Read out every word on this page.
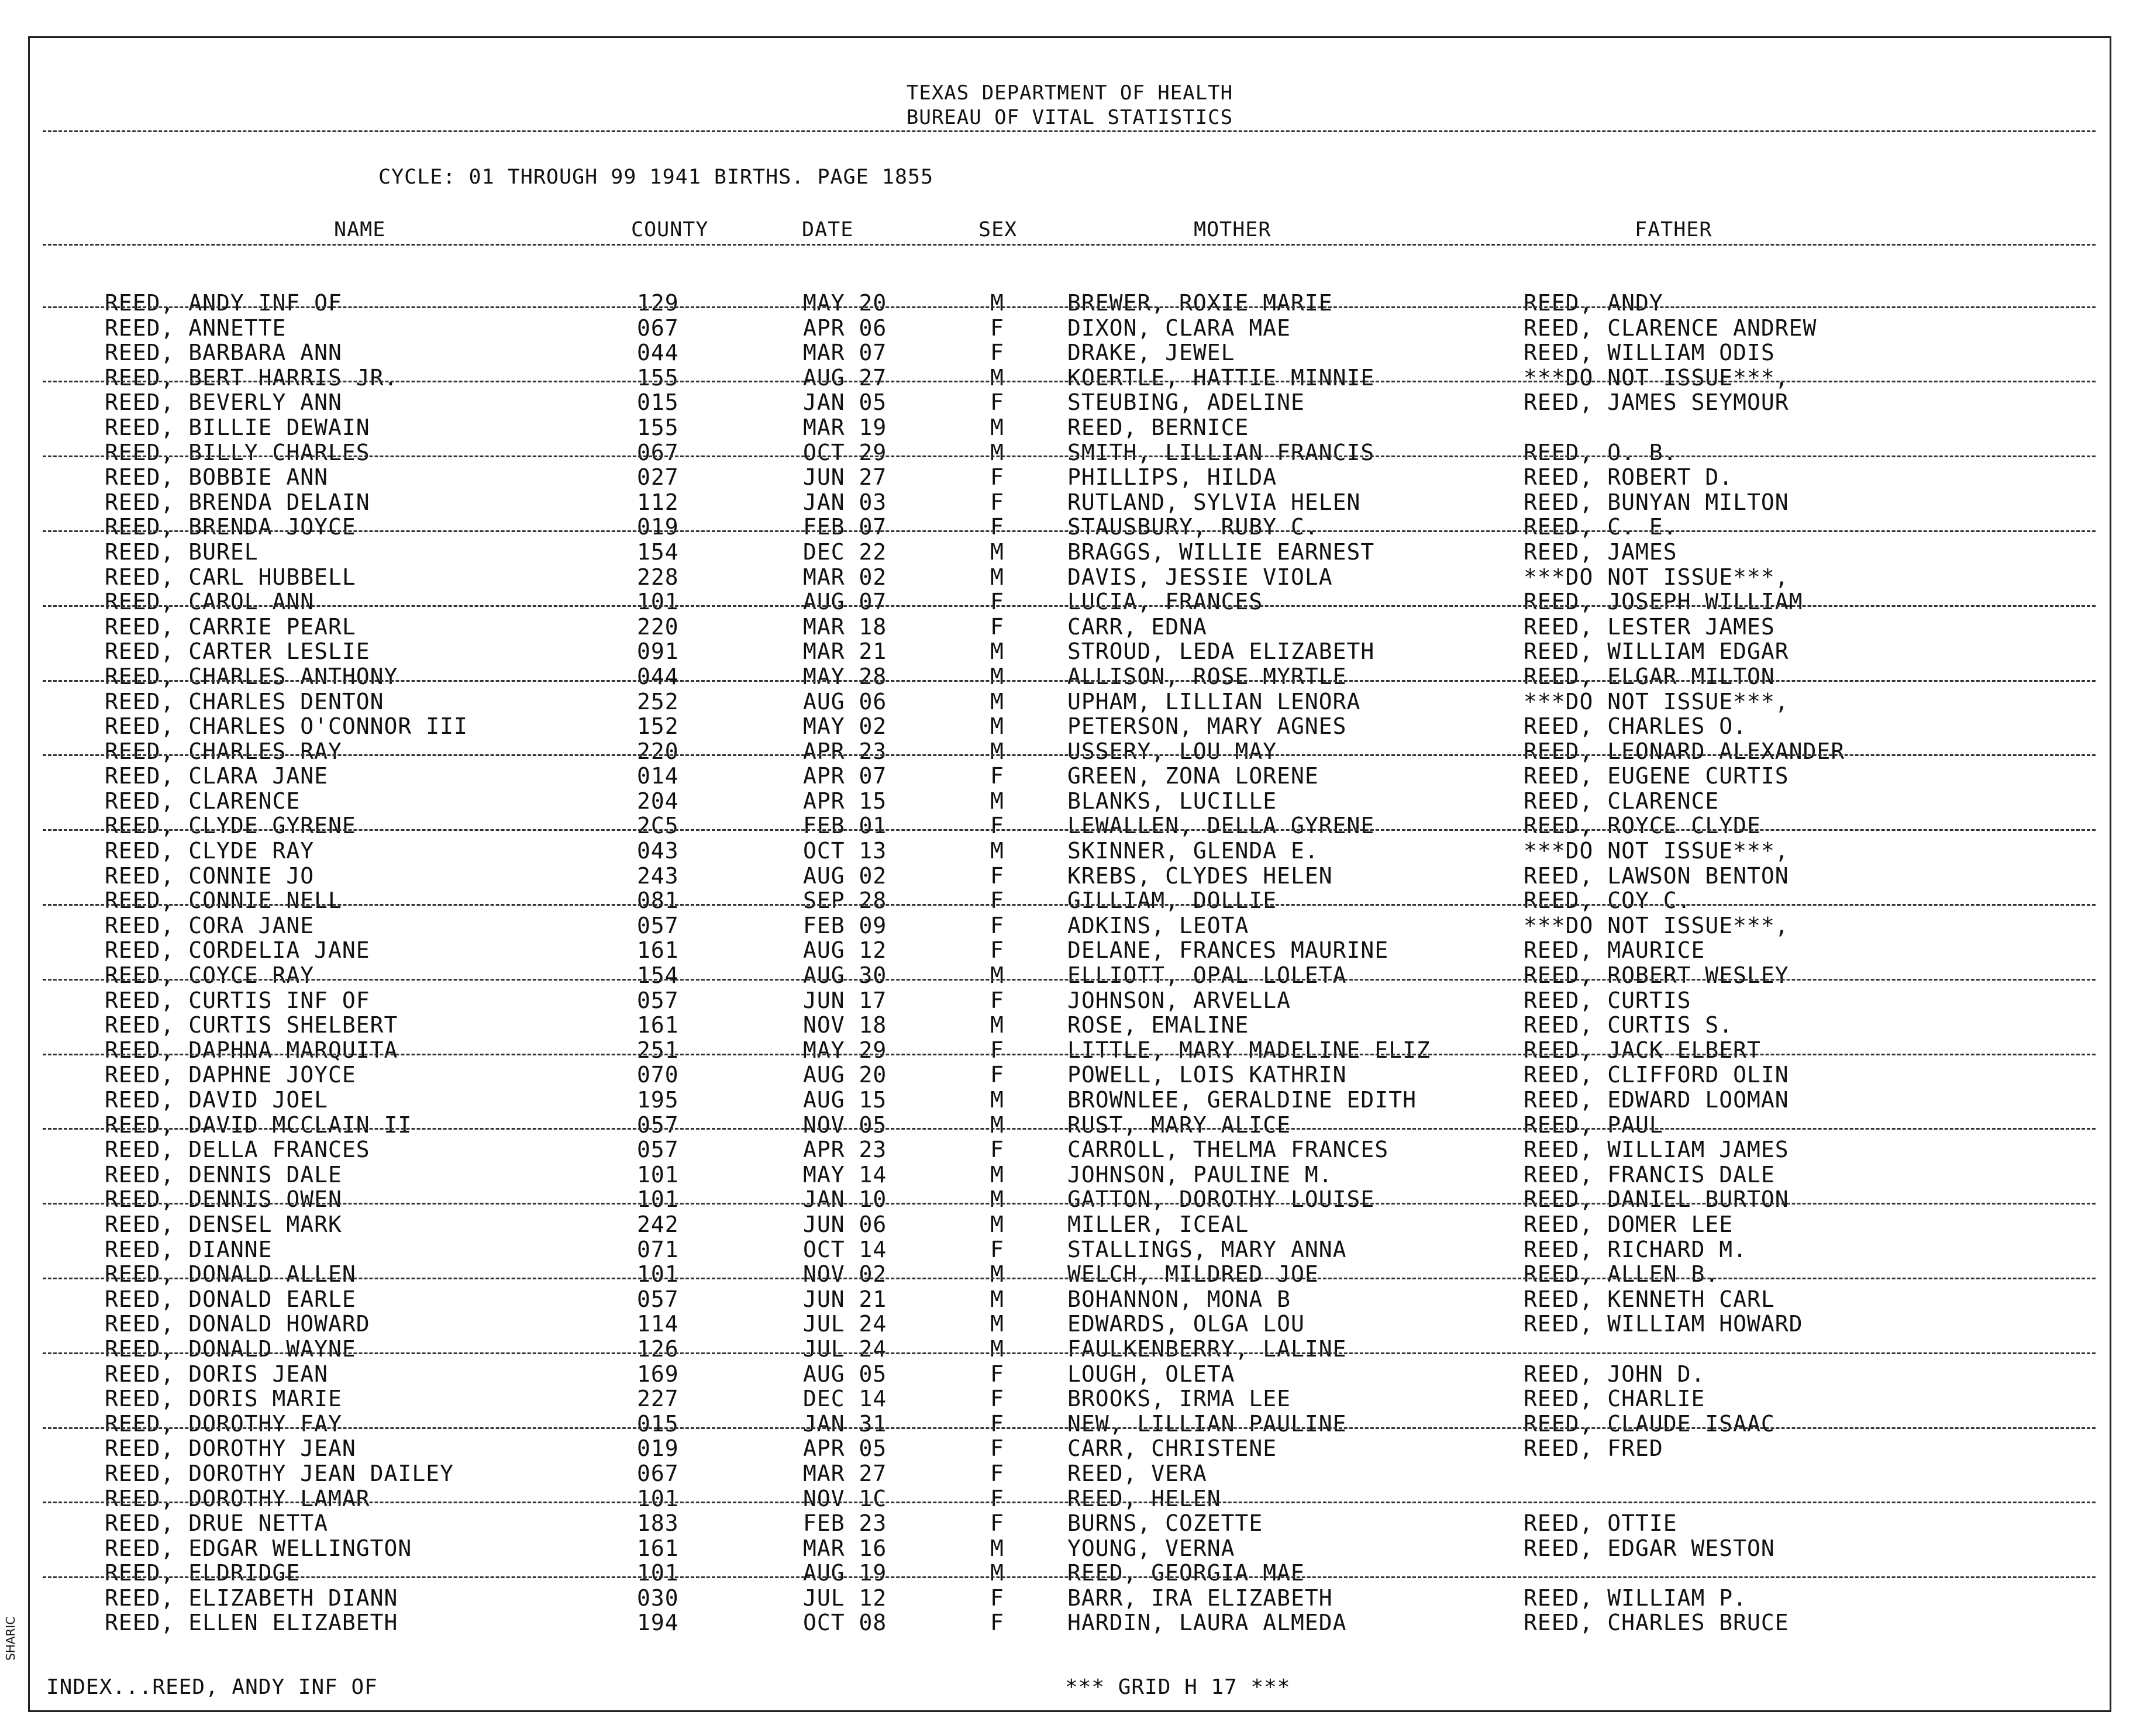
TEXAS DEPARTMENT OF HEALTH
BUREAU OF VITAL STATISTICS
CYCLE: 01 THROUGH 99 1941 BIRTHS. PAGE 1855
NAME	COUNTY	DATE	SEX	MOTHER	FATHER
REED, ANDY INF OF	129	MAY 20	M	BREWER, ROXIE MARIE	REED, ANDY
REED, ANNETTE	067	APR 06	F	DIXON, CLARA MAE	REED, CLARENCE ANDREW
REED, BARBARA ANN	044	MAR 07	F	DRAKE, JEWEL	REED, WILLIAM ODIS
REED, BERT HARRIS JR.	155	AUG 27	M	KOERTLE, HATTIE MINNIE	***DO NOT ISSUE***,
REED, BEVERLY ANN	015	JAN 05	F	STEUBING, ADELINE	REED, JAMES SEYMOUR
REED, BILLIE DEWAIN	155	MAR 19	M	REED, BERNICE
REED, BILLY CHARLES	067	OCT 29	M	SMITH, LILLIAN FRANCIS	REED, O. B.
REED, BOBBIE ANN	027	JUN 27	F	PHILLIPS, HILDA	REED, ROBERT D.
REED, BRENDA DELAIN	112	JAN 03	F	RUTLAND, SYLVIA HELEN	REED, BUNYAN MILTON
REED, BRENDA JOYCE	019	FEB 07	F	STAUSBURY, RUBY C.	REED, C. E.
REED, BUREL	154	DEC 22	M	BRAGGS, WILLIE EARNEST	REED, JAMES
REED, CARL HUBBELL	228	MAR 02	M	DAVIS, JESSIE VIOLA	***DO NOT ISSUE***,
REED, CAROL ANN	101	AUG 07	F	LUCIA, FRANCES	REED, JOSEPH WILLIAM
REED, CARRIE PEARL	220	MAR 18	F	CARR, EDNA	REED, LESTER JAMES
REED, CARTER LESLIE	091	MAR 21	M	STROUD, LEDA ELIZABETH	REED, WILLIAM EDGAR
REED, CHARLES ANTHONY	044	MAY 28	M	ALLISON, ROSE MYRTLE	REED, ELGAR MILTON
REED, CHARLES DENTON	252	AUG 06	M	UPHAM, LILLIAN LENORA	***DO NOT ISSUE***,
REED, CHARLES O'CONNOR III	152	MAY 02	M	PETERSON, MARY AGNES	REED, CHARLES O.
REED, CHARLES RAY	220	APR 23	M	USSERY, LOU MAY	REED, LEONARD ALEXANDER
REED, CLARA JANE	014	APR 07	F	GREEN, ZONA LORENE	REED, EUGENE CURTIS
REED, CLARENCE	204	APR 15	M	BLANKS, LUCILLE	REED, CLARENCE
REED, CLYDE GYRENE	2C5	FEB 01	F	LEWALLEN, DELLA GYRENE	REED, ROYCE CLYDE
REED, CLYDE RAY	043	OCT 13	M	SKINNER, GLENDA E.	***DO NOT ISSUE***,
REED, CONNIE JO	243	AUG 02	F	KREBS, CLYDES HELEN	REED, LAWSON BENTON
REED, CONNIE NELL	081	SEP 28	F	GILLIAM, DOLLIE	REED, COY C.
REED, CORA JANE	057	FEB 09	F	ADKINS, LEOTA	***DO NOT ISSUE***,
REED, CORDELIA JANE	161	AUG 12	F	DELANE, FRANCES MAURINE	REED, MAURICE
REED, COYCE RAY	154	AUG 30	M	ELLIOTT, OPAL LOLETA	REED, ROBERT WESLEY
REED, CURTIS INF OF	057	JUN 17	F	JOHNSON, ARVELLA	REED, CURTIS
REED, CURTIS SHELBERT	161	NOV 18	M	ROSE, EMALINE	REED, CURTIS S.
REED, DAPHNA MARQUITA	251	MAY 29	F	LITTLE, MARY MADELINE ELIZ	REED, JACK ELBERT
REED, DAPHNE JOYCE	070	AUG 20	F	POWELL, LOIS KATHRIN	REED, CLIFFORD OLIN
REED, DAVID JOEL	195	AUG 15	M	BROWNLEE, GERALDINE EDITH	REED, EDWARD LOOMAN
REED, DAVID MCCLAIN II	057	NOV 05	M	RUST, MARY ALICE	REED, PAUL
REED, DELLA FRANCES	057	APR 23	F	CARROLL, THELMA FRANCES	REED, WILLIAM JAMES
REED, DENNIS DALE	101	MAY 14	M	JOHNSON, PAULINE M.	REED, FRANCIS DALE
REED, DENNIS OWEN	101	JAN 10	M	GATTON, DOROTHY LOUISE	REED, DANIEL BURTON
REED, DENSEL MARK	242	JUN 06	M	MILLER, ICEAL	REED, DOMER LEE
REED, DIANNE	071	OCT 14	F	STALLINGS, MARY ANNA	REED, RICHARD M.
REED, DONALD ALLEN	101	NOV 02	M	WELCH, MILDRED JOE	REED, ALLEN B.
REED, DONALD EARLE	057	JUN 21	M	BOHANNON, MONA B	REED, KENNETH CARL
REED, DONALD HOWARD	114	JUL 24	M	EDWARDS, OLGA LOU	REED, WILLIAM HOWARD
REED, DONALD WAYNE	126	JUL 24	M	FAULKENBERRY, LALINE
REED, DORIS JEAN	169	AUG 05	F	LOUGH, OLETA	REED, JOHN D.
REED, DORIS MARIE	227	DEC 14	F	BROOKS, IRMA LEE	REED, CHARLIE
REED, DOROTHY FAY	015	JAN 31	F	NEW, LILLIAN PAULINE	REED, CLAUDE ISAAC
REED, DOROTHY JEAN	019	APR 05	F	CARR, CHRISTENE	REED, FRED
REED, DOROTHY JEAN DAILEY	067	MAR 27	F	REED, VERA
REED, DOROTHY LAMAR	101	NOV 1C	F	REED, HELEN
REED, DRUE NETTA	183	FEB 23	F	BURNS, COZETTE	REED, OTTIE
REED, EDGAR WELLINGTON	161	MAR 16	M	YOUNG, VERNA	REED, EDGAR WESTON
REED, ELDRIDGE	101	AUG 19	M	REED, GEORGIA MAE
REED, ELIZABETH DIANN	030	JUL 12	F	BARR, IRA ELIZABETH	REED, WILLIAM P.
REED, ELLEN ELIZABETH	194	OCT 08	F	HARDIN, LAURA ALMEDA	REED, CHARLES BRUCE
INDEX...REED, ANDY INF OF	*** GRID H 17 ***
SHARIC
